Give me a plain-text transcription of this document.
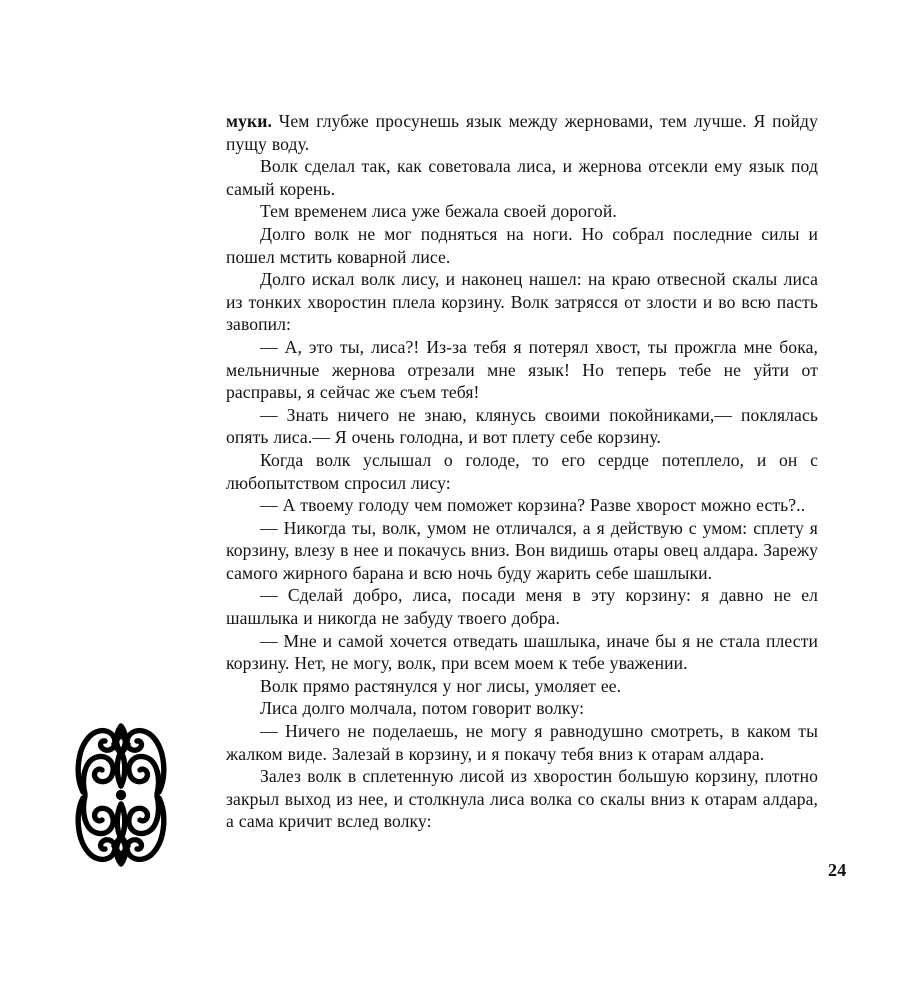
муки. Чем глубже просунешь язык между жерновами, тем лучше. Я пойду пущу воду.

Волк сделал так, как советовала лиса, и жернова отсекли ему язык под самый корень.

Тем временем лиса уже бежала своей дорогой.

Долго волк не мог подняться на ноги. Но собрал последние силы и пошел мстить коварной лисе.

Долго искал волк лису, и наконец нашел: на краю отвесной скалы лиса из тонких хворостин плела корзину. Волк затрясся от злости и во всю пасть завопил:

— А, это ты, лиса?! Из-за тебя я потерял хвост, ты прожгла мне бока, мельничные жернова отрезали мне язык! Но теперь тебе не уйти от расправы, я сейчас же съем тебя!

— Знать ничего не знаю, клянусь своими покойниками,— поклялась опять лиса.— Я очень голодна, и вот плету себе корзину.

Когда волк услышал о голоде, то его сердце потеплело, и он с любопытством спросил лису:

— А твоему голоду чем поможет корзина? Разве хворост можно есть?..

— Никогда ты, волк, умом не отличался, а я действую с умом: сплету я корзину, влезу в нее и покачусь вниз. Вон видишь отары овец алдара. Зарежу самого жирного барана и всю ночь буду жарить себе шашлыки.

— Сделай добро, лиса, посади меня в эту корзину: я давно не ел шашлыка и никогда не забуду твоего добра.

— Мне и самой хочется отведать шашлыка, иначе бы я не стала плести корзину. Нет, не могу, волк, при всем моем к тебе уважении.

Волк прямо растянулся у ног лисы, умоляет ее.

Лиса долго молчала, потом говорит волку:

— Ничего не поделаешь, не могу я равнодушно смотреть, в каком ты жалком виде. Залезай в корзину, и я покачу тебя вниз к отарам алдара.

Залез волк в сплетенную лисой из хворостин большую корзину, плотно закрыл выход из нее, и столкнула лиса волка со скалы вниз к отарам алдара, а сама кричит вслед волку:

24
